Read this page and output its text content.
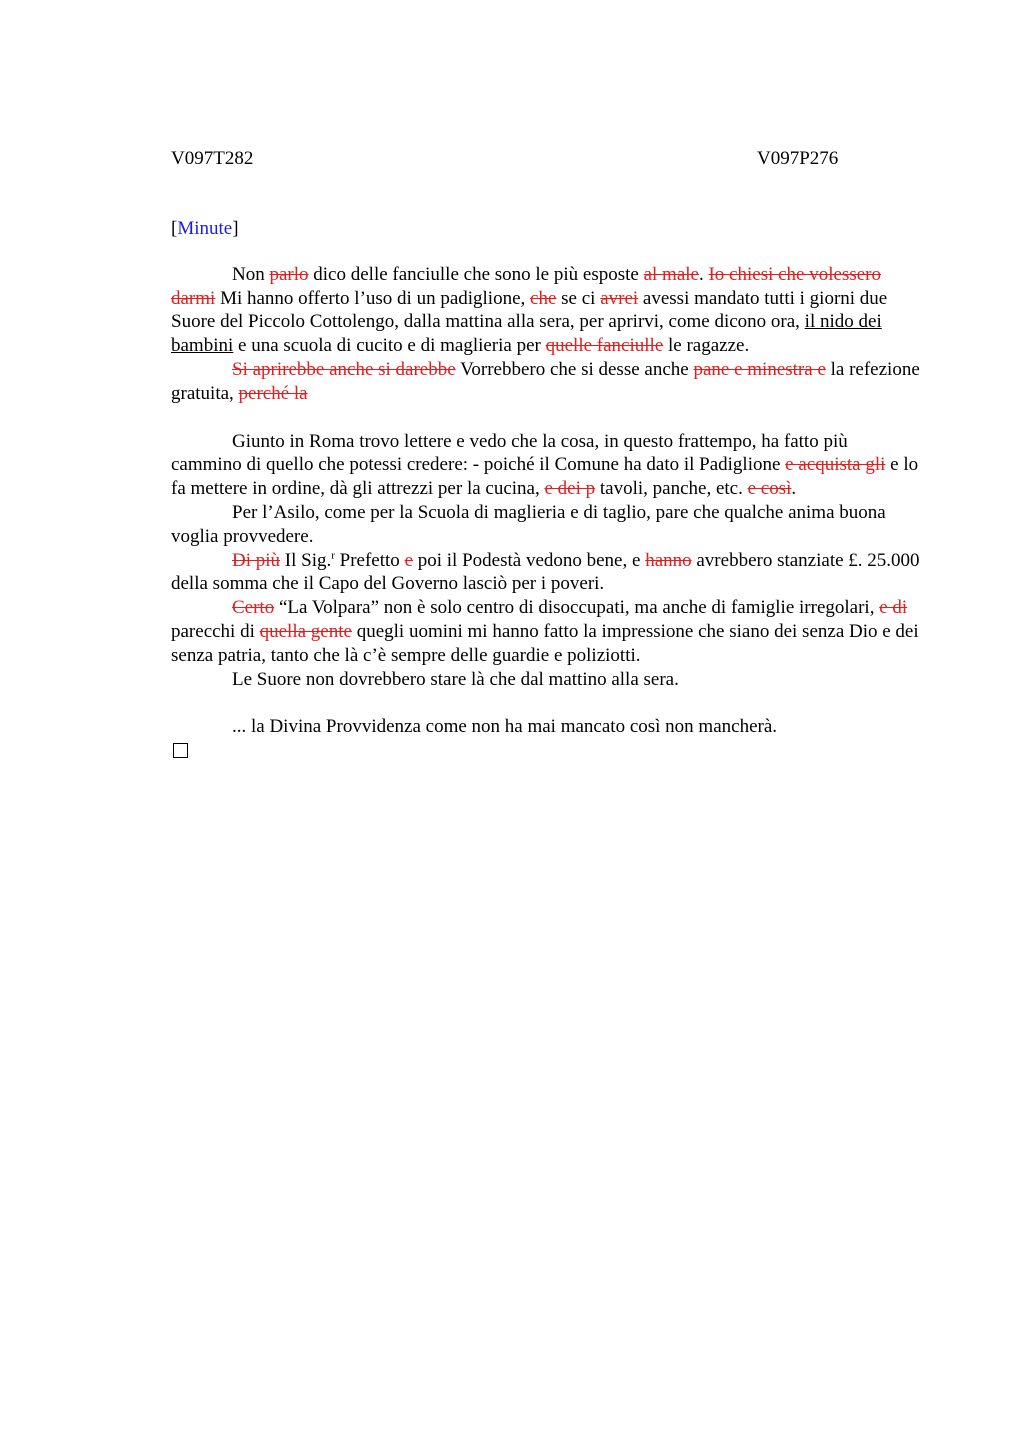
V097T282	V097P276
[Minute]

Non parlo dico delle fanciulle che sono le più esposte al male. Io chiesi che volessero darmi Mi hanno offerto l’uso di un padiglione, che se ci avrei avessi mandato tutti i giorni due Suore del Piccolo Cottolengo, dalla mattina alla sera, per aprirvi, come dicono ora, il nido dei bambini e una scuola di cucito e di maglieria per quelle fanciulle le ragazze.

Si aprirebbe anche si darebbe Vorrebbero che si desse anche pane e minestra e la refezione gratuita, perché la

Giunto in Roma trovo lettere e vedo che la cosa, in questo frattempo, ha fatto più cammino di quello che potessi credere: - poiché il Comune ha dato il Padiglione e acquista gli e lo fa mettere in ordine, dà gli attrezzi per la cucina, e dei p tavoli, panche, etc. e così.

Per l’Asilo, come per la Scuola di maglieria e di taglio, pare che qualche anima buona voglia provvedere.

Di più Il Sig.$^r$ Prefetto e poi il Podestà vedono bene, e hanno avrebbero stanziate £. 25.000 della somma che il Capo del Governo lasciò per i poveri.

Certo “La Volpara” non è solo centro di disoccupati, ma anche di famiglie irregolari, e di parecchi di quella gente quegli uomini mi hanno fatto la impressione che siano dei senza Dio e dei senza patria, tanto che là c’è sempre delle guardie e poliziotti.

Le Suore non dovrebbero stare là che dal mattino alla sera.

... la Divina Provvidenza come non ha mai mancato così non mancherà.
